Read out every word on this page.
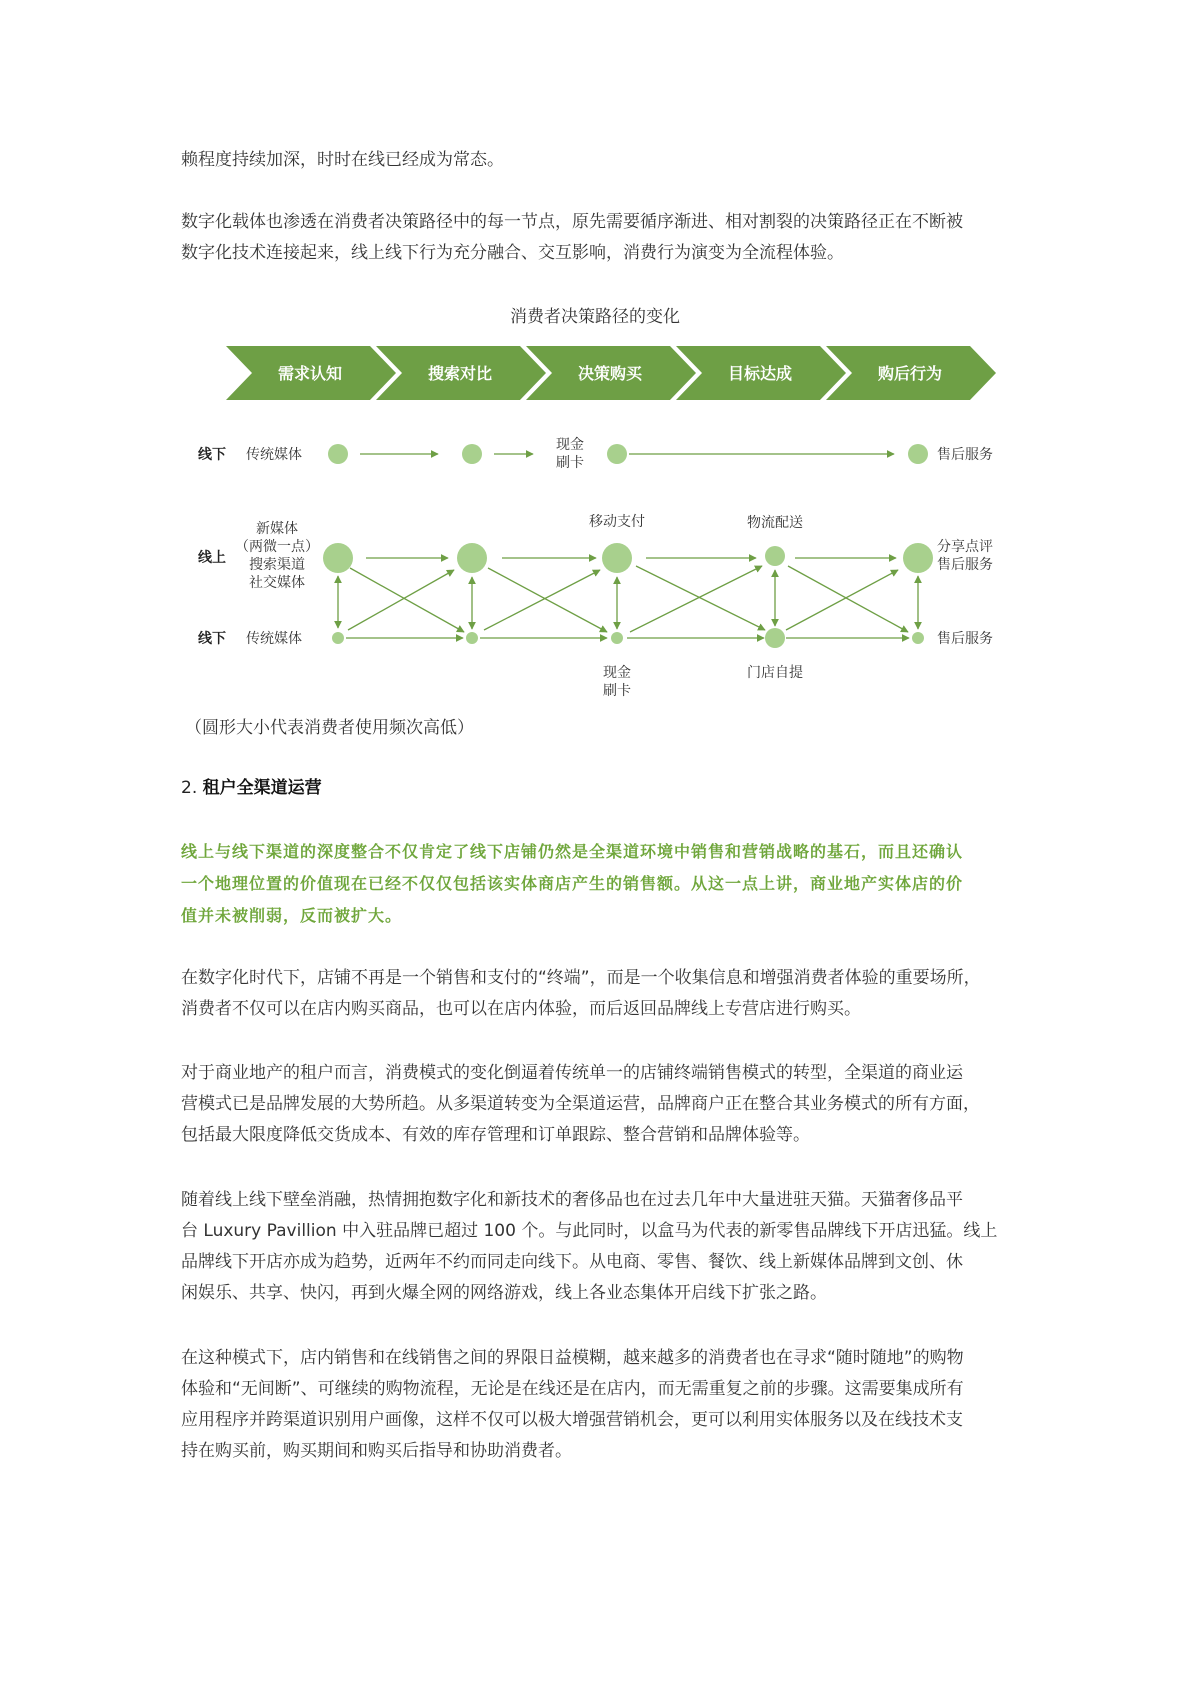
赖程度持续加深，时时在线已经成为常态。

数字化载体也渗透在消费者决策路径中的每一节点，原先需要循序渐进、相对割裂的决策路径正在不断被
数字化技术连接起来，线上线下行为充分融合、交互影响，消费行为演变为全流程体验。

消费者决策路径的变化
需求认知	搜索对比	决策购买	目标达成	购后行为
线下 传统媒体
现金
刷卡	售后服务
线上
新媒体
（两微一点）
搜索渠道
社交媒体
移动支付	物流配送
分享点评
售后服务
线下 传统媒体
现金
刷卡
门店自提
售后服务
（圆形大小代表消费者使用频次高低）
2. 租户全渠道运营
线上与线下渠道的深度整合不仅肯定了线下店铺仍然是全渠道环境中销售和营销战略的基石，而且还确认
一个地理位置的价值现在已经不仅仅包括该实体商店产生的销售额。从这一点上讲，商业地产实体店的价
值并未被削弱，反而被扩大。

在数字化时代下，店铺不再是一个销售和支付的“终端”，而是一个收集信息和增强消费者体验的重要场所，
消费者不仅可以在店内购买商品，也可以在店内体验，而后返回品牌线上专营店进行购买。

对于商业地产的租户而言，消费模式的变化倒逼着传统单一的店铺终端销售模式的转型，全渠道的商业运
营模式已是品牌发展的大势所趋。从多渠道转变为全渠道运营，品牌商户正在整合其业务模式的所有方面，
包括最大限度降低交货成本、有效的库存管理和订单跟踪、整合营销和品牌体验等。

随着线上线下壁垒消融，热情拥抱数字化和新技术的奢侈品也在过去几年中大量进驻天猫。天猫奢侈品平
台 Luxury Pavillion 中入驻品牌已超过 100 个。与此同时，以盒马为代表的新零售品牌线下开店迅猛。线上
品牌线下开店亦成为趋势，近两年不约而同走向线下。从电商、零售、餐饮、线上新媒体品牌到文创、休
闲娱乐、共享、快闪，再到火爆全网的网络游戏，线上各业态集体开启线下扩张之路。

在这种模式下，店内销售和在线销售之间的界限日益模糊，越来越多的消费者也在寻求“随时随地”的购物
体验和“无间断”、可继续的购物流程，无论是在线还是在店内，而无需重复之前的步骤。这需要集成所有
应用程序并跨渠道识别用户画像，这样不仅可以极大增强营销机会，更可以利用实体服务以及在线技术支
持在购买前，购买期间和购买后指导和协助消费者。
